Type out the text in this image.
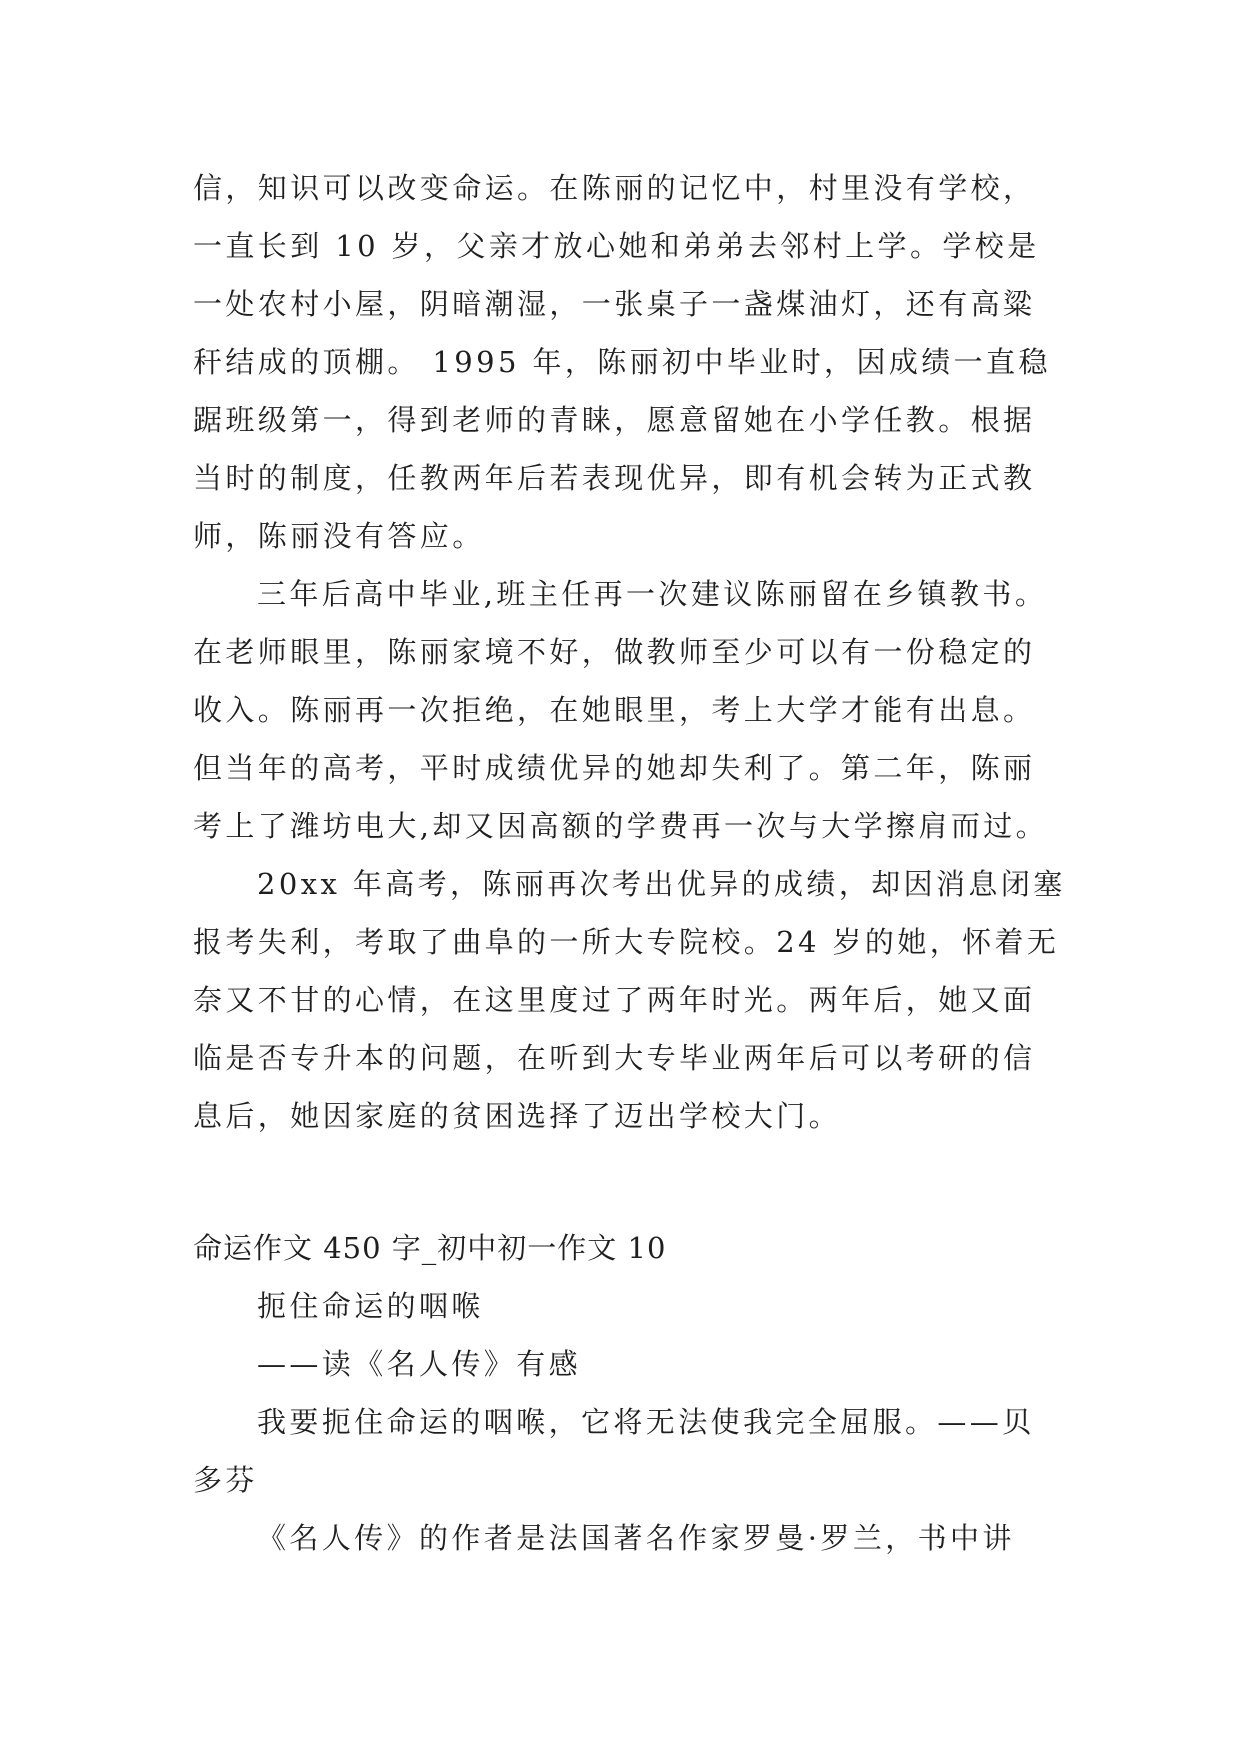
信，知识可以改变命运。在陈丽的记忆中，村里没有学校，
一直长到 10 岁，父亲才放心她和弟弟去邻村上学。学校是
一处农村小屋，阴暗潮湿，一张桌子一盏煤油灯，还有高粱
秆结成的顶棚。 1995 年，陈丽初中毕业时，因成绩一直稳
踞班级第一，得到老师的青睐，愿意留她在小学任教。根据
当时的制度，任教两年后若表现优异，即有机会转为正式教
师，陈丽没有答应。
三年后高中毕业,班主任再一次建议陈丽留在乡镇教书。
在老师眼里，陈丽家境不好，做教师至少可以有一份稳定的
收入。陈丽再一次拒绝，在她眼里，考上大学才能有出息。
但当年的高考，平时成绩优异的她却失利了。第二年，陈丽
考上了潍坊电大,却又因高额的学费再一次与大学擦肩而过。
20xx 年高考，陈丽再次考出优异的成绩，却因消息闭塞
报考失利，考取了曲阜的一所大专院校。24 岁的她，怀着无
奈又不甘的心情，在这里度过了两年时光。两年后，她又面
临是否专升本的问题，在听到大专毕业两年后可以考研的信
息后，她因家庭的贫困选择了迈出学校大门。
命运作文 450 字_初中初一作文 10
扼住命运的咽喉
——读《名人传》有感
我要扼住命运的咽喉，它将无法使我完全屈服。——贝
多芬
《名人传》的作者是法国著名作家罗曼·罗兰，书中讲
